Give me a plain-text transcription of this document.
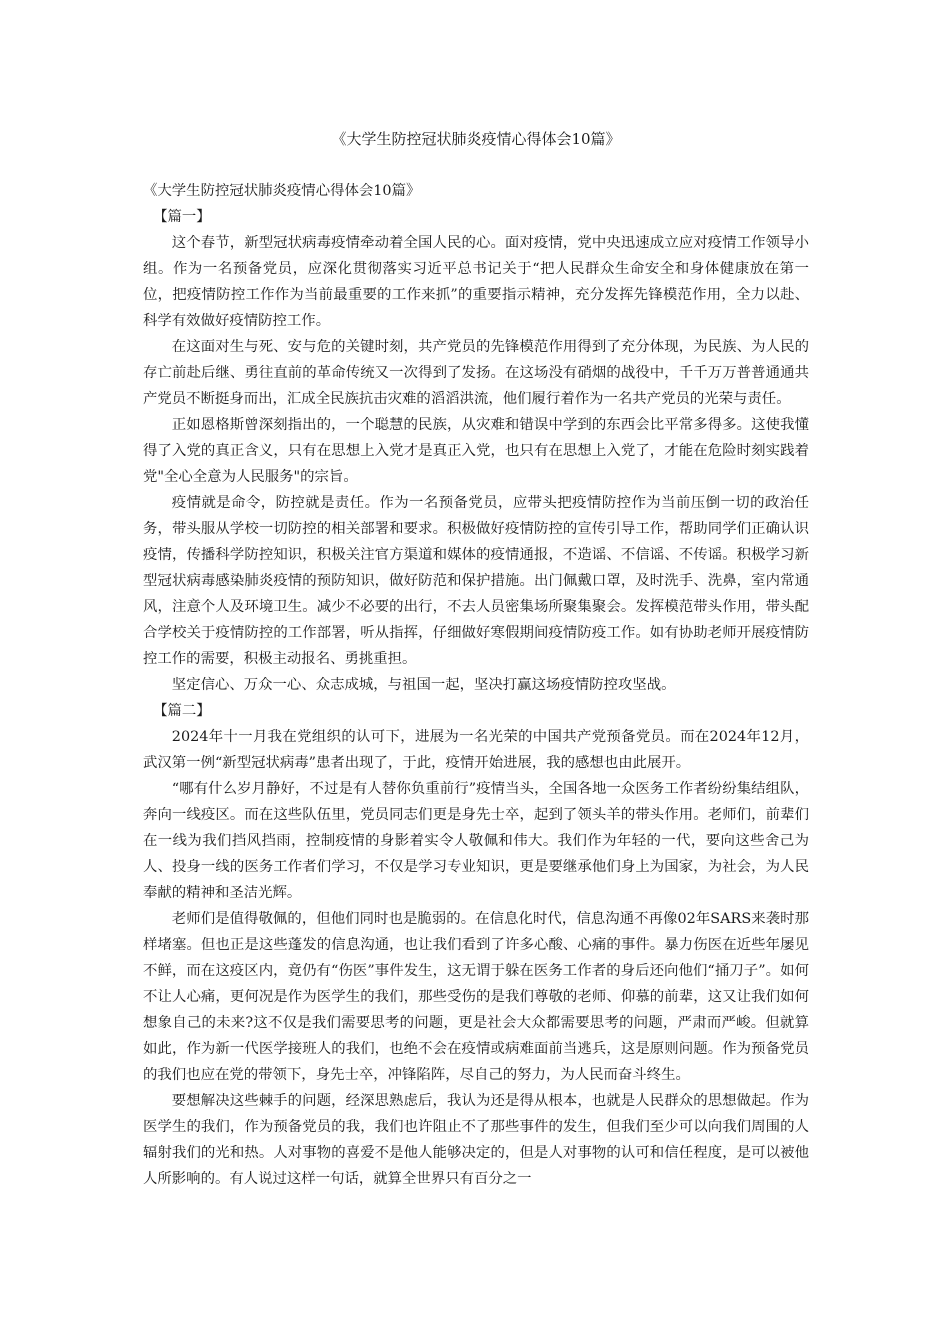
《大学生防控冠状肺炎疫情心得体会10篇》

《大学生防控冠状肺炎疫情心得体会10篇》

【篇一】

这个春节，新型冠状病毒疫情牵动着全国人民的心。面对疫情，党中央迅速成立应对疫情工作领导小组。作为一名预备党员，应深化贯彻落实习近平总书记关于“把人民群众生命安全和身体健康放在第一位，把疫情防控工作作为当前最重要的工作来抓”的重要指示精神，充分发挥先锋模范作用，全力以赴、科学有效做好疫情防控工作。

在这面对生与死、安与危的关键时刻，共产党员的先锋模范作用得到了充分体现，为民族、为人民的存亡前赴后继、勇往直前的革命传统又一次得到了发扬。在这场没有硝烟的战役中，千千万万普普通通共产党员不断挺身而出，汇成全民族抗击灾难的滔滔洪流，他们履行着作为一名共产党员的光荣与责任。

正如恩格斯曾深刻指出的，一个聪慧的民族，从灾难和错误中学到的东西会比平常多得多。这使我懂得了入党的真正含义，只有在思想上入党才是真正入党，也只有在思想上入党了，才能在危险时刻实践着党"全心全意为人民服务"的宗旨。

疫情就是命令，防控就是责任。作为一名预备党员，应带头把疫情防控作为当前压倒一切的政治任务，带头服从学校一切防控的相关部署和要求。积极做好疫情防控的宣传引导工作，帮助同学们正确认识疫情，传播科学防控知识，积极关注官方渠道和媒体的疫情通报，不造谣、不信谣、不传谣。积极学习新型冠状病毒感染肺炎疫情的预防知识，做好防范和保护措施。出门佩戴口罩，及时洗手、洗鼻，室内常通风，注意个人及环境卫生。减少不必要的出行，不去人员密集场所聚集聚会。发挥模范带头作用，带头配合学校关于疫情防控的工作部署，听从指挥，仔细做好寒假期间疫情防疫工作。如有协助老师开展疫情防控工作的需要，积极主动报名、勇挑重担。

坚定信心、万众一心、众志成城，与祖国一起，坚决打赢这场疫情防控攻坚战。

【篇二】

2024年十一月我在党组织的认可下，进展为一名光荣的中国共产党预备党员。而在2024年12月，武汉第一例“新型冠状病毒”患者出现了，于此，疫情开始进展，我的感想也由此展开。

“哪有什么岁月静好，不过是有人替你负重前行”疫情当头，全国各地一众医务工作者纷纷集结组队，奔向一线疫区。而在这些队伍里，党员同志们更是身先士卒，起到了领头羊的带头作用。老师们，前辈们在一线为我们挡风挡雨，控制疫情的身影着实令人敬佩和伟大。我们作为年轻的一代，要向这些舍己为人、投身一线的医务工作者们学习，不仅是学习专业知识，更是要继承他们身上为国家，为社会，为人民奉献的精神和圣洁光辉。

老师们是值得敬佩的，但他们同时也是脆弱的。在信息化时代，信息沟通不再像02年SARS来袭时那样堵塞。但也正是这些蓬发的信息沟通，也让我们看到了许多心酸、心痛的事件。暴力伤医在近些年屡见不鲜，而在这疫区内，竟仍有“伤医”事件发生，这无谓于躲在医务工作者的身后还向他们“捅刀子”。如何不让人心痛，更何况是作为医学生的我们，那些受伤的是我们尊敬的老师、仰慕的前辈，这又让我们如何想象自己的未来?这不仅是我们需要思考的问题，更是社会大众都需要思考的问题，严肃而严峻。但就算如此，作为新一代医学接班人的我们，也绝不会在疫情或病难面前当逃兵，这是原则问题。作为预备党员的我们也应在党的带领下，身先士卒，冲锋陷阵，尽自己的努力，为人民而奋斗终生。

要想解决这些棘手的问题，经深思熟虑后，我认为还是得从根本，也就是人民群众的思想做起。作为医学生的我们，作为预备党员的我，我们也许阻止不了那些事件的发生，但我们至少可以向我们周围的人辐射我们的光和热。人对事物的喜爱不是他人能够决定的，但是人对事物的认可和信任程度，是可以被他人所影响的。有人说过这样一句话，就算全世界只有百分之一
